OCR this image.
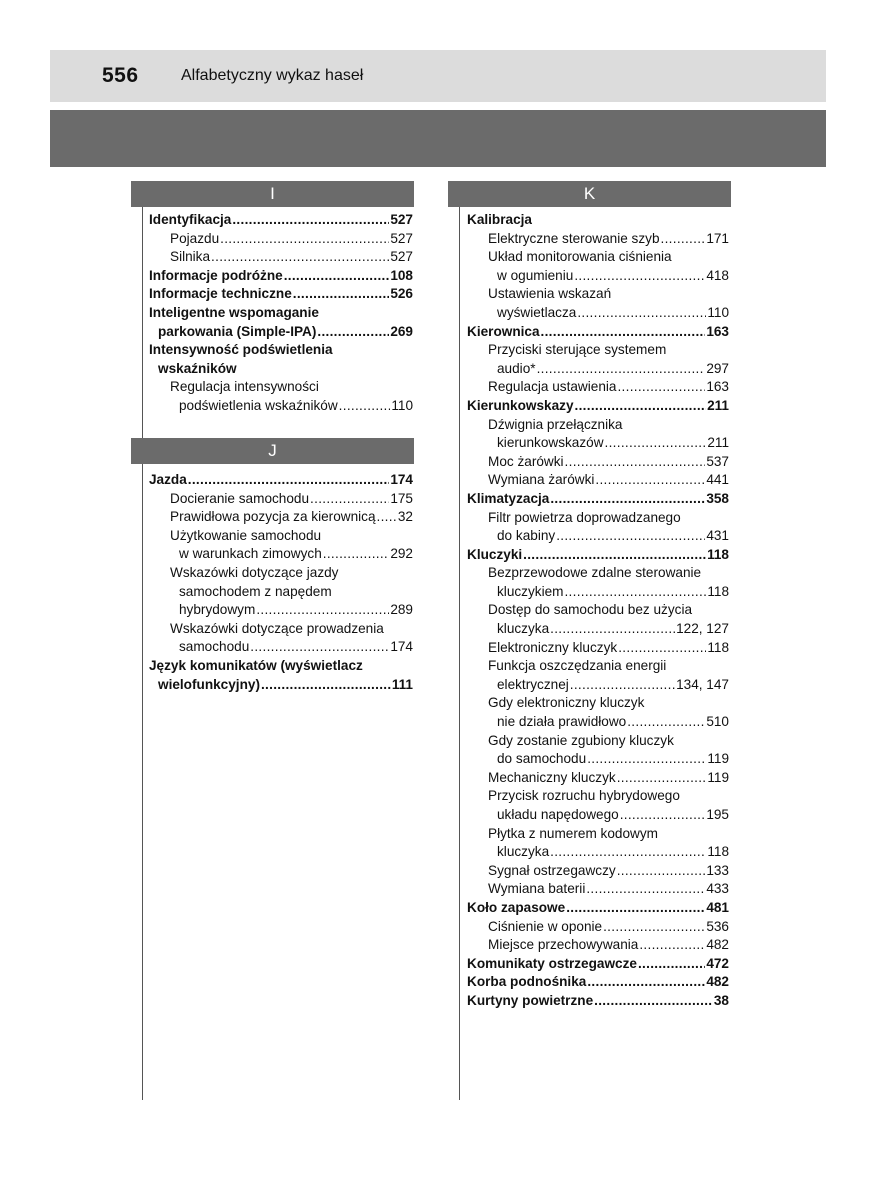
556	Alfabetyczny wykaz haseł
I
Identyfikacja .....	527
Pojazdu .....	527
Silnika .....	527
Informacje podróżne .....	108
Informacje techniczne .....	526
Inteligentne wspomaganie
parkowania (Simple-IPA) .....	269
Intensywność podświetlenia
wskaźników
Regulacja intensywności
podświetlenia wskaźników .....	110
J
Jazda .....	174
Docieranie samochodu .....	175
Prawidłowa pozycja za kierownicą ..... 32
Użytkowanie samochodu
w warunkach zimowych .....	292
Wskazówki dotyczące jazdy
samochodem z napędem
hybrydowym .....	289
Wskazówki dotyczące prowadzenia
samochodu .....	174
Język komunikatów (wyświetlacz
wielofunkcyjny) .....	111
K
Kalibracja
Elektryczne sterowanie szyb .....	171
Układ monitorowania ciśnienia
w ogumieniu .....	418
Ustawienia wskazań
wyświetlacza .....	110
Kierownica .....	163
Przyciski sterujące systemem
audio* .....	297
Regulacja ustawienia .....	163
Kierunkowskazy .....	211
Dźwignia przełącznika
kierunkowskazów .....	211
Moc żarówki .....	537
Wymiana żarówki .....	441
Klimatyzacja .....	358
Filtr powietrza doprowadzanego
do kabiny .....	431
Kluczyki .....	118
Bezprzewodowe zdalne sterowanie
kluczykiem .....	118
Dostęp do samochodu bez użycia
kluczyka .....	122, 127
Elektroniczny kluczyk .....	118
Funkcja oszczędzania energii
elektrycznej .....	134, 147
Gdy elektroniczny kluczyk
nie działa prawidłowo .....	510
Gdy zostanie zgubiony kluczyk
do samochodu .....	119
Mechaniczny kluczyk .....	119
Przycisk rozruchu hybrydowego
układu napędowego .....	195
Płytka z numerem kodowym
kluczyka .....	118
Sygnał ostrzegawczy .....	133
Wymiana baterii .....	433
Koło zapasowe .....	481
Ciśnienie w oponie .....	536
Miejsce przechowywania .....	482
Komunikaty ostrzegawcze .....	472
Korba podnośnika .....	482
Kurtyny powietrzne .....	38
